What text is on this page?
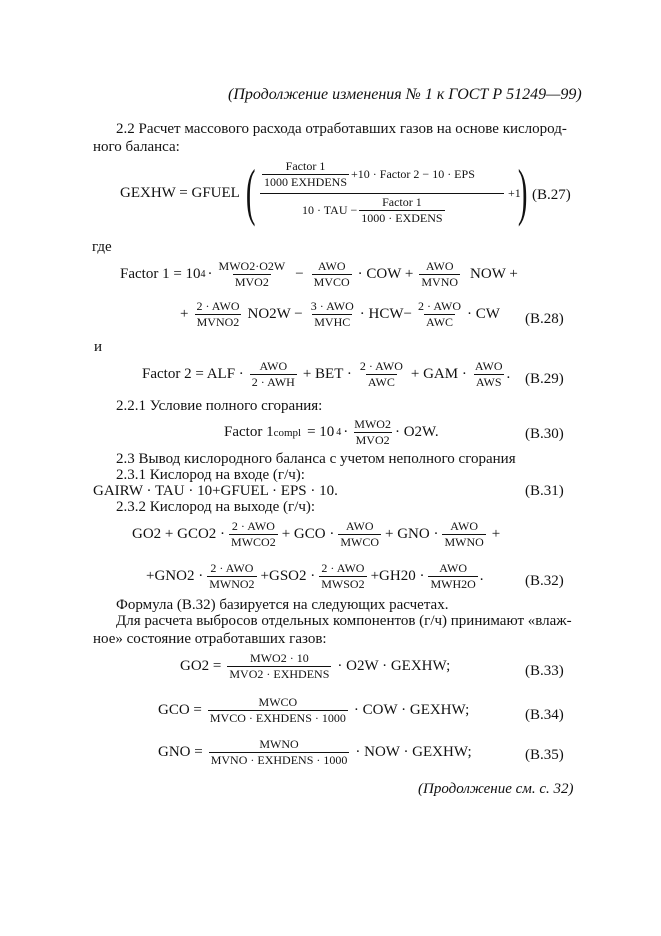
(Продолжение изменения № 1 к ГОСТ Р 51249—99)
2.2 Расчет массового расхода отработавших газов на основе кислород-
ного баланса:
GEXHW = GFUEL (	Factor 1
1000 EXHDENS
+10 · Factor 2 − 10 · EPS
10 · TAU −
Factor 1
1000 · EXDENS
+1
) (B.27)
где
Factor 1 = 10 4 · MWO2·O2W
MVO2 − AWO
MVCO · COW + AWO
MVNO NOW +
+ 2 · AWO
MVNO2 NO2W − 3 · AWO
MVHC · HCW− 2 · AWO
AWC · CW (B.28)
и
Factor 2 = ALF · AWO
2 · AWH + BET · 2 · AWO
AWC + GAM · AWO
AWS . (B.29)
2.2.1 Условие полного сгорания:
Factor 1 compl = 10 4 · MWO2
MVO2 · O2W.	(B.30)
2.3 Вывод кислородного баланса с учетом неполного сгорания
2.3.1 Кислород на входе (г/ч):
GAIRW · TAU · 10+GFUEL · EPS · 10.	(B.31)
2.3.2 Кислород на выходе (г/ч):
GO2 + GCO2 · 2 · AWO
MWCO2 + GCO · AWO
MWCO + GNO · AWO
MWNO +
+GNO2 · 2 · AWO
MWNO2 +GSO2 · 2 · AWO
MWSO2 +GH20 · AWO
MWH2O .	(B.32)
Формула (B.32) базируется на следующих расчетах.
Для расчета выбросов отдельных компонентов (г/ч) принимают «влаж-
ное» состояние отработавших газов:
GO2 = MWO2 · 10
MVO2 · EXHDENS · O2W · GEXHW;	(B.33)
GCO =	MWCO
MVCO · EXHDENS · 1000 · COW · GEXHW;	(B.34)
GNO =	MWNO
MVNO · EXHDENS · 1000 · NOW · GEXHW;	(B.35)
(Продолжение см. с. 32)
